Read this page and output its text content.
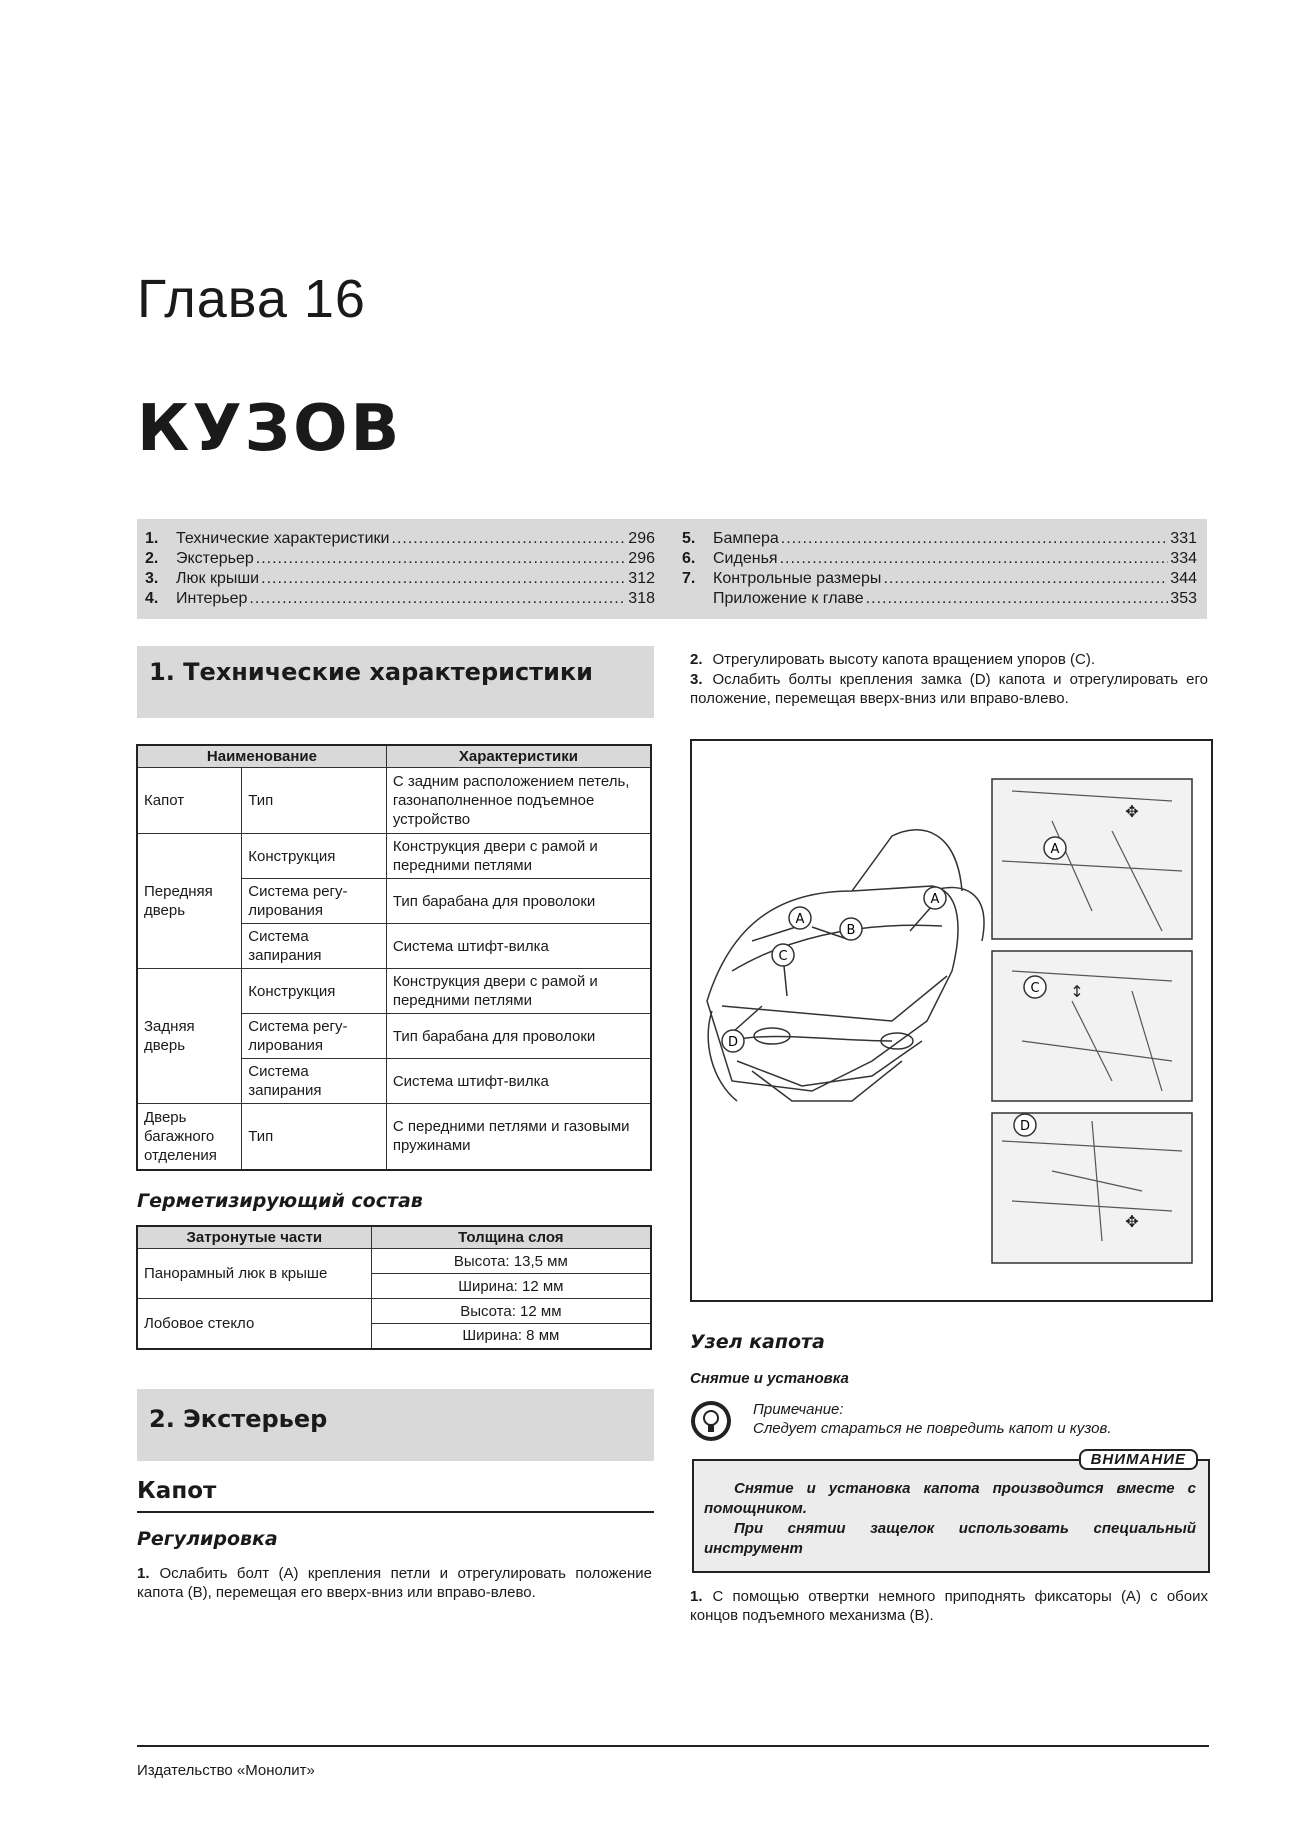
Глава 16
КУЗОВ
1.	Технические характеристики .....	296
2.	Экстерьер .....	296
3.	Люк крыши .....	312
4.	Интерьер .....	318
5.	Бампера .....	331
6.	Сиденья .....	334
7.	Контрольные размеры .....	344
Приложение к главе .....	353
1. Технические характеристики
Наименование		Характеристики
Капот	Тип	С задним расположением петель, газонаполненное подъемное устройство
Передняя дверь	Конструкция	Конструкция двери с рамой и передними петлями
	Система регу-лирования	Тип барабана для проволоки
	Система запирания	Система штифт-вилка
Задняя дверь	Конструкция	Конструкция двери с рамой и передними петлями
	Система регу-лирования	Тип барабана для проволоки
	Система запирания	Система штифт-вилка
Дверь багажного отделения	Тип	С передними петлями и газовыми пружинами
Герметизирующий состав
Затронутые части	Толщина слоя
Панорамный люк в крыше	Высота: 13,5 мм
	Ширина: 12 мм
Лобовое стекло	Высота: 12 мм
	Ширина: 8 мм
2. Экстерьер
Капот
Регулировка
1. Ослабить болт (А) крепления петли и отрегулировать положение капота (В), перемещая его вверх-вниз или вправо-влево.
2. Отрегулировать высоту капота вращением упоров (С).
3. Ослабить болты крепления замка (D) капота и отрегулировать его положение, перемещая вверх-вниз или вправо-влево.
A
B
A
C
D
A
C
D
✥
✥
↕
Узел капота
Снятие и установка
Примечание:
Следует стараться не повредить капот и кузов.
ВНИМАНИЕ

Снятие и установка капота производится вместе с помощником.

При снятии защелок использовать специальный инструмент

1. С помощью отвертки немного приподнять фиксаторы (А) с обоих концов подъемного механизма (В).
Издательство «Монолит»
